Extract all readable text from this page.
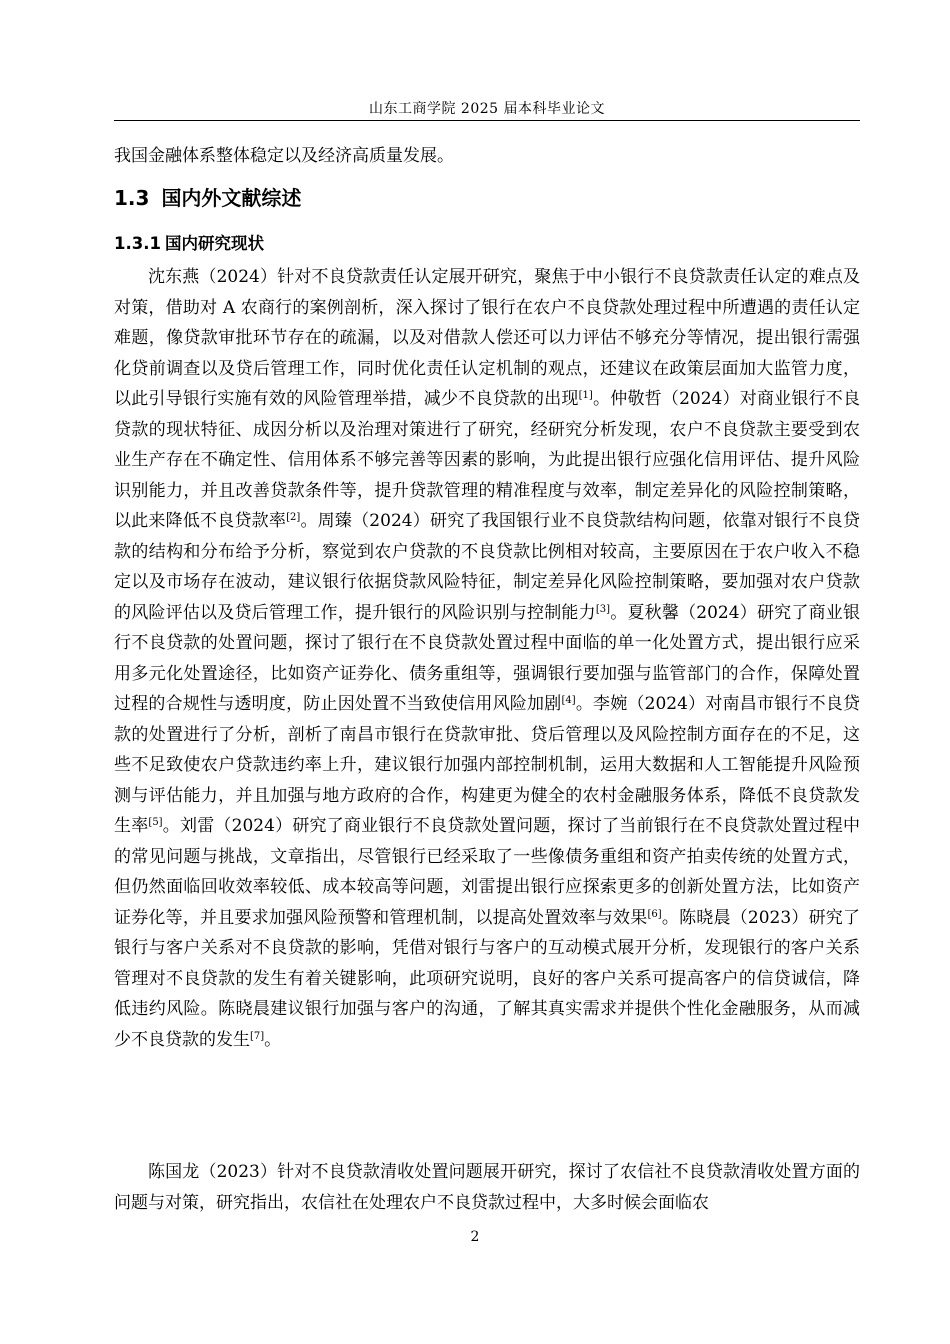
山东工商学院 2025 届本科毕业论文

我国金融体系整体稳定以及经济高质量发展。

1.3 国内外文献综述
1.3.1 国内研究现状

沈东燕（2024）针对不良贷款责任认定展开研究，聚焦于中小银行不良贷款责任认定的难点及对策，借助对 A 农商行的案例剖析，深入探讨了银行在农户不良贷款处理过程中所遭遇的责任认定难题，像贷款审批环节存在的疏漏，以及对借款人偿还可以力评估不够充分等情况，提出银行需强化贷前调查以及贷后管理工作，同时优化责任认定机制的观点，还建议在政策层面加大监管力度，以此引导银行实施有效的风险管理举措，减少不良贷款的出现[1]。仲敬哲（2024）对商业银行不良贷款的现状特征、成因分析以及治理对策进行了研究，经研究分析发现，农户不良贷款主要受到农业生产存在不确定性、信用体系不够完善等因素的影响，为此提出银行应强化信用评估、提升风险识别能力，并且改善贷款条件等，提升贷款管理的精准程度与效率，制定差异化的风险控制策略，以此来降低不良贷款率[2]。周臻（2024）研究了我国银行业不良贷款结构问题，依靠对银行不良贷款的结构和分布给予分析，察觉到农户贷款的不良贷款比例相对较高，主要原因在于农户收入不稳定以及市场存在波动，建议银行依据贷款风险特征，制定差异化风险控制策略，要加强对农户贷款的风险评估以及贷后管理工作，提升银行的风险识别与控制能力[3]。夏秋馨（2024）研究了商业银行不良贷款的处置问题，探讨了银行在不良贷款处置过程中面临的单一化处置方式，提出银行应采用多元化处置途径，比如资产证券化、债务重组等，强调银行要加强与监管部门的合作，保障处置过程的合规性与透明度，防止因处置不当致使信用风险加剧[4]。李婉（2024）对南昌市银行不良贷款的处置进行了分析，剖析了南昌市银行在贷款审批、贷后管理以及风险控制方面存在的不足，这些不足致使农户贷款违约率上升，建议银行加强内部控制机制，运用大数据和人工智能提升风险预测与评估能力，并且加强与地方政府的合作，构建更为健全的农村金融服务体系，降低不良贷款发生率[5]。刘雷（2024）研究了商业银行不良贷款处置问题，探讨了当前银行在不良贷款处置过程中的常见问题与挑战，文章指出，尽管银行已经采取了一些像债务重组和资产拍卖传统的处置方式，但仍然面临回收效率较低、成本较高等问题，刘雷提出银行应探索更多的创新处置方法，比如资产证券化等，并且要求加强风险预警和管理机制，以提高处置效率与效果[6]。陈晓晨（2023）研究了银行与客户关系对不良贷款的影响，凭借对银行与客户的互动模式展开分析，发现银行的客户关系管理对不良贷款的发生有着关键影响，此项研究说明，良好的客户关系可提高客户的信贷诚信，降低违约风险。陈晓晨建议银行加强与客户的沟通，了解其真实需求并提供个性化金融服务，从而减少不良贷款的发生[7]。

陈国龙（2023）针对不良贷款清收处置问题展开研究，探讨了农信社不良贷款清收处置方面的问题与对策，研究指出，农信社在处理农户不良贷款过程中，大多时候会面临农

2
